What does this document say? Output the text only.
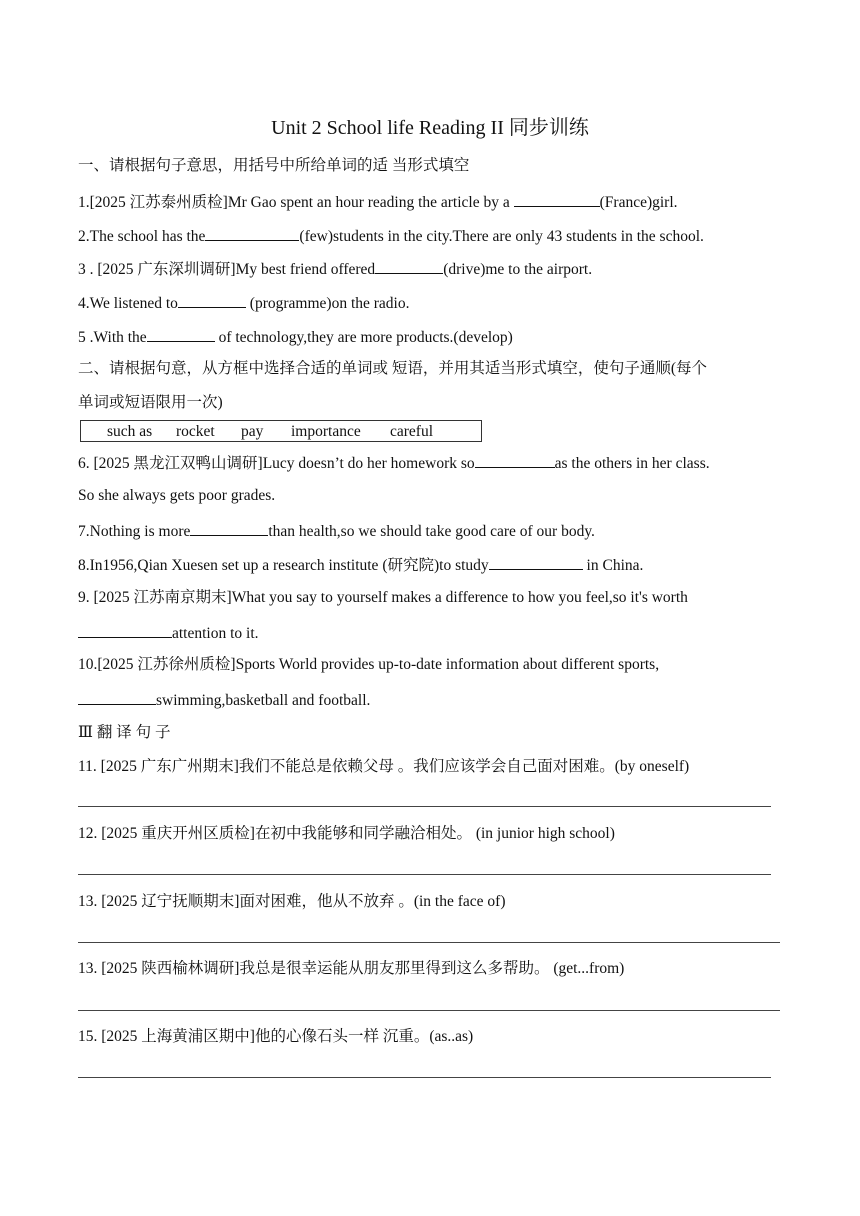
Unit 2 School life Reading II 同步训练
一、请根据句子意思，用括号中所给单词的适 当形式填空
1.[2025 江苏泰州质检]Mr Gao spent an hour reading the article by a	(France)girl.
2.The school has the	(few)students in the city.There are only 43 students in the school.
3 . [2025 广东深圳调研]My best friend offered	(drive)me to the airport.
4.We listened to	(programme)on the radio.
5 .With the	of technology,they are more products.(develop)
二、请根据句意，从方框中选择合适的单词或 短语，并用其适当形式填空，使句子通顺(每个
单词或短语限用一次)
such as rocket pay importance careful
6. [2025 黑龙江双鸭山调研]Lucy doesn’t do her homework so	as the others in her class.
So she always gets poor grades.
7.Nothing is more	than health,so we should take good care of our body.
8.In1956,Qian Xuesen set up a research institute (研究院)to study	in China.
9. [2025 江苏南京期末]What you say to yourself makes a difference to how you feel,so it's worth
attention to it.
10.[2025 江苏徐州质检]Sports World provides up-to-date information about different sports,
swimming,basketball and football.
Ⅲ 翻 译 句 子
11. [2025 广东广州期末]我们不能总是依赖父母 。我们应该学会自己面对困难。(by oneself)
12. [2025 重庆开州区质检]在初中我能够和同学融洽相处。 (in junior high school)
13. [2025 辽宁抚顺期末]面对困难，他从不放弃 。(in the face of)
13. [2025 陕西榆林调研]我总是很幸运能从朋友那里得到这么多帮助。 (get...from)
15. [2025 上海黄浦区期中]他的心像石头一样 沉重。(as..as)
